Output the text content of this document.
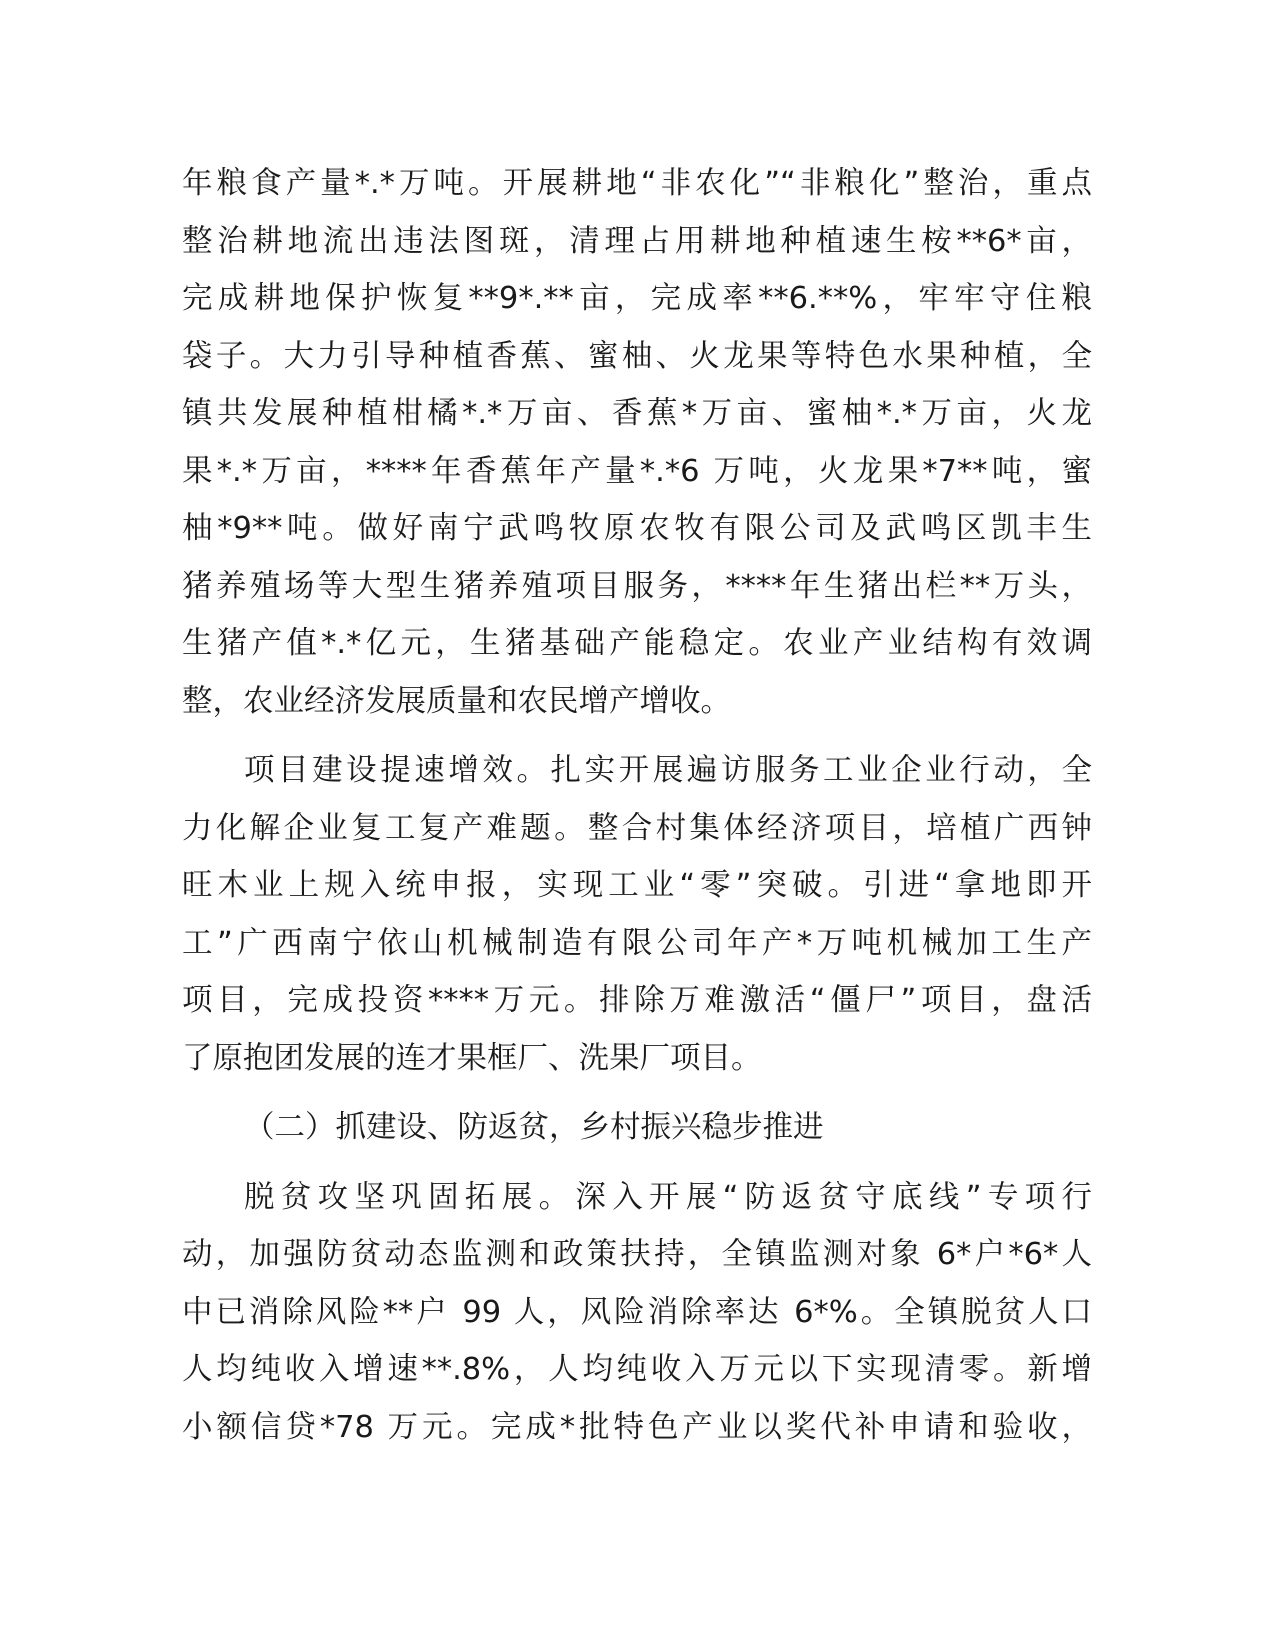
年粮食产量*.*万吨。开展耕地“非农化”“非粮化”整治，重点
整治耕地流出违法图斑，清理占用耕地种植速生桉**6*亩，
完成耕地保护恢复**9*.**亩，完成率**6.**%，牢牢守住粮
袋子。大力引导种植香蕉、蜜柚、火龙果等特色水果种植，全
镇共发展种植柑橘*.*万亩、香蕉*万亩、蜜柚*.*万亩，火龙
果*.*万亩，****年香蕉年产量*.*6 万吨，火龙果*7**吨，蜜
柚*9**吨。做好南宁武鸣牧原农牧有限公司及武鸣区凯丰生
猪养殖场等大型生猪养殖项目服务，****年生猪出栏**万头，
生猪产值*.*亿元，生猪基础产能稳定。农业产业结构有效调
整，农业经济发展质量和农民增产增收。

项目建设提速增效。扎实开展遍访服务工业企业行动，全
力化解企业复工复产难题。整合村集体经济项目，培植广西钟
旺木业上规入统申报，实现工业“零”突破。引进“拿地即开
工”广西南宁依山机械制造有限公司年产*万吨机械加工生产
项目，完成投资****万元。排除万难激活“僵尸”项目，盘活
了原抱团发展的连才果框厂、洗果厂项目。

（二）抓建设、防返贫，乡村振兴稳步推进

脱贫攻坚巩固拓展。深入开展“防返贫守底线”专项行
动，加强防贫动态监测和政策扶持，全镇监测对象 6*户*6*人
中已消除风险**户 99 人，风险消除率达 6*%。全镇脱贫人口
人均纯收入增速**.8%，人均纯收入万元以下实现清零。新增
小额信贷*78 万元。完成*批特色产业以奖代补申请和验收，
